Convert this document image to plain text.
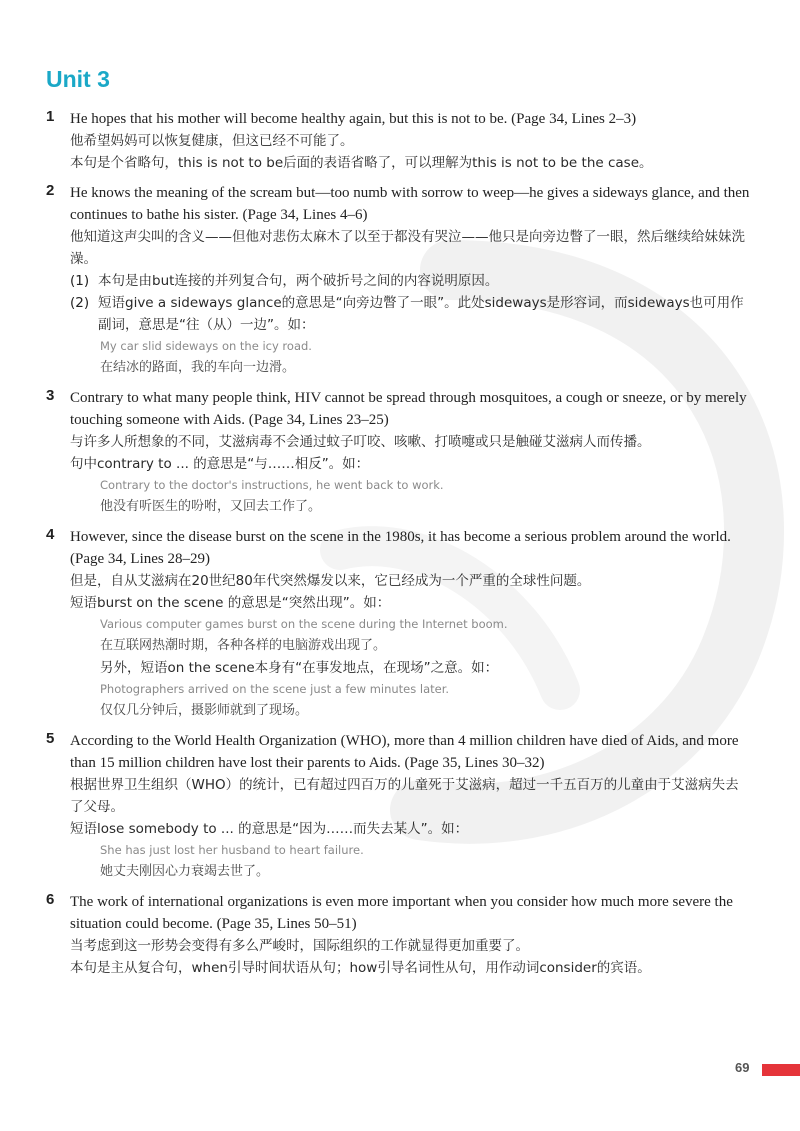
Unit 3
1 He hopes that his mother will become healthy again, but this is not to be. (Page 34, Lines 2–3)
他希望妈妈可以恢复健康，但这已经不可能了。
本句是个省略句，this is not to be后面的表语省略了，可以理解为this is not to be the case。
2 He knows the meaning of the scream but—too numb with sorrow to weep—he gives a sideways glance, and then continues to bathe his sister. (Page 34, Lines 4–6)
他知道这声尖叫的含义——但他对悲伤太麻木了以至于都没有哭泣——他只是向旁边瞥了一眼，然后继续给妹妹洗澡。
(1) 本句是由but连接的并列复合句，两个破折号之间的内容说明原因。
(2) 短语give a sideways glance的意思是“向旁边瞥了一眼”。此处sideways是形容词，而sideways也可用作副词，意思是“往（从）一边”。如：
My car slid sideways on the icy road.
在结冰的路面，我的车向一边滑。
3 Contrary to what many people think, HIV cannot be spread through mosquitoes, a cough or sneeze, or by merely touching someone with Aids. (Page 34, Lines 23–25)
与许多人所想象的不同，艾滋病毒不会通过蚊子叮咬、咳嗽、打喷嚏或只是触碰艾滋病人而传播。
句中contrary to ... 的意思是“与……相反”。如：
Contrary to the doctor's instructions, he went back to work.
他没有听医生的吩咐，又回去工作了。
4 However, since the disease burst on the scene in the 1980s, it has become a serious problem around the world. (Page 34, Lines 28–29)
但是，自从艾滋病在20世纪80年代突然爆发以来，它已经成为一个严重的全球性问题。
短语burst on the scene 的意思是“突然出现”。如：
Various computer games burst on the scene during the Internet boom.
在互联网热潮时期，各种各样的电脑游戏出现了。
另外，短语on the scene本身有“在事发地点，在现场”之意。如：
Photographers arrived on the scene just a few minutes later.
仅仅几分钟后，摄影师就到了现场。
5 According to the World Health Organization (WHO), more than 4 million children have died of Aids, and more than 15 million children have lost their parents to Aids. (Page 35, Lines 30–32)
根据世界卫生组织（WHO）的统计，已有超过四百万的儿童死于艾滋病，超过一千五百万的儿童由于艾滋病失去了父母。
短语lose somebody to ... 的意思是“因为……而失去某人”。如：
She has just lost her husband to heart failure.
她丈夫刚因心力衰竭去世了。
6 The work of international organizations is even more important when you consider how much more severe the situation could become. (Page 35, Lines 50–51)
当考虑到这一形势会变得有多么严峻时，国际组织的工作就显得更加重要了。
本句是主从复合句，when引导时间状语从句；how引导名词性从句，用作动词consider的宾语。
69
